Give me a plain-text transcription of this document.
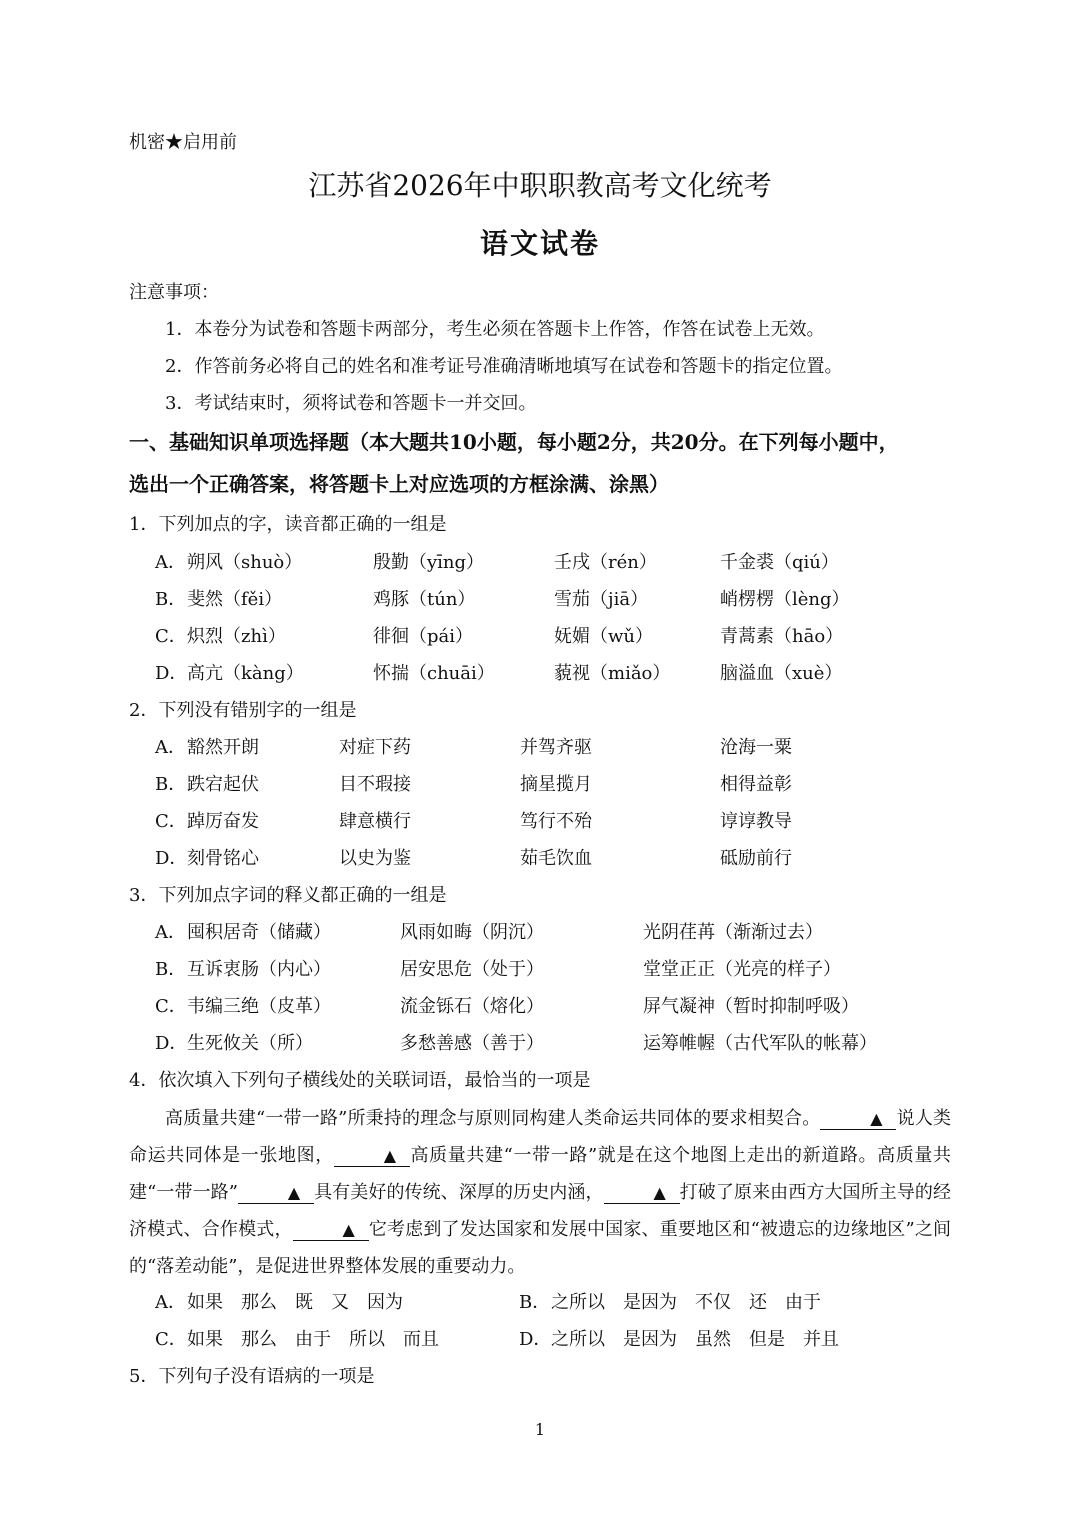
机密★启用前
江苏省2026年中职职教高考文化统考
语文试卷
注意事项：
1．本卷分为试卷和答题卡两部分，考生必须在答题卡上作答，作答在试卷上无效。
2．作答前务必将自己的姓名和准考证号准确清晰地填写在试卷和答题卡的指定位置。
3．考试结束时，须将试卷和答题卡一并交回。
一、基础知识单项选择题（本大题共10小题，每小题2分，共20分。在下列每小题中，
选出一个正确答案，将答题卡上对应选项的方框涂满、涂黑）
1．下列加点的字，读音都正确的一组是
A． 朔风（shuò）	殷勤（yīng）	壬戌（rén）	千金裘（qiú）
B． 斐然（fěi）	鸡豚（tún）	雪茄（jiā）	峭楞楞（lèng）
C． 炽烈（zhì）	徘徊（pái）	妩媚（wǔ）	青蒿素（hāo）
D． 高亢（kàng）	怀揣（chuāi）	藐视（miǎo）	脑溢血（xuè）
2．下列没有错别字的一组是
A． 豁然开朗	对症下药	并驾齐驱	沧海一粟
B． 跌宕起伏	目不瑕接	摘星揽月	相得益彰
C． 踔厉奋发	肆意横行	笃行不殆	谆谆教导
D． 刻骨铭心	以史为鉴	茹毛饮血	砥励前行
3．下列加点字词的释义都正确的一组是
A． 囤积居奇（储藏）	风雨如晦（阴沉）	光阴荏苒（渐渐过去）
B． 互诉衷肠（内心）	居安思危（处于）	堂堂正正（光亮的样子）
C． 韦编三绝（皮革）	流金铄石（熔化）	屏气凝神（暂时抑制呼吸）
D． 生死攸关（所）	多愁善感（善于）	运筹帷幄（古代军队的帐幕）
4．依次填入下列句子横线处的关联词语，最恰当的一项是
高质量共建“一带一路”所秉持的理念与原则同构建人类命运共同体的要求相契合。	▲ 说人类命运共同体是一张地图，	▲ 高质量共建“一带一路”就是在这个地图上走出的新道路。高质量共建“一带一路”	▲ 具有美好的传统、深厚的历史内涵，	▲ 打破了原来由西方大国所主导的经济模式、合作模式，	▲ 它考虑到了发达国家和发展中国家、重要地区和“被遗忘的边缘地区”之间的“落差动能”，是促进世界整体发展的重要动力。
A． 如果　那么　既　又　因为	B． 之所以　是因为　不仅　还　由于
C． 如果　那么　由于　所以　而且	D． 之所以　是因为　虽然　但是　并且
5．下列句子没有语病的一项是
1
